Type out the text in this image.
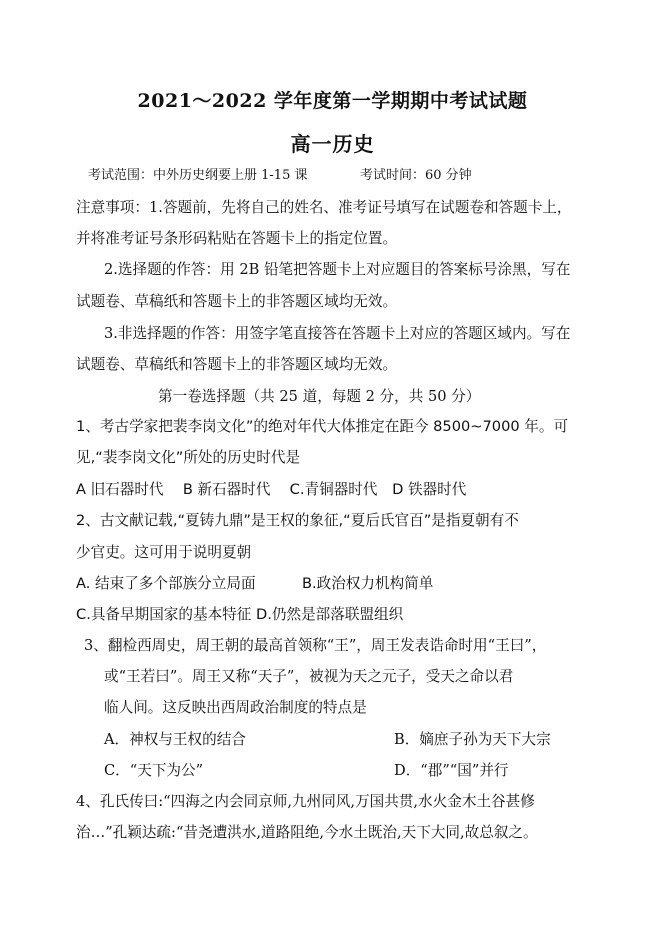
2021～2022 学年度第一学期期中考试试题
高一历史
考试范围：中外历史纲要上册 1-15 课	考试时间：60 分钟
注意事项：1.答题前，先将自己的姓名、准考证号填写在试题卷和答题卡上，
并将准考证号条形码粘贴在答题卡上的指定位置。
2.选择题的作答：用 2B 铅笔把答题卡上对应题目的答案标号涂黑，写在
试题卷、草稿纸和答题卡上的非答题区域均无效。
3.非选择题的作答：用签字笔直接答在答题卡上对应的答题区域内。写在
试题卷、草稿纸和答题卡上的非答题区域均无效。
第一卷选择题（共 25 道，每题 2 分，共 50 分）
1、考古学家把裴李岗文化”的绝对年代大体推定在距今 8500~7000 年。可
见,“裴李岗文化”所处的历史时代是
A 旧石器时代　 B 新石器时代　 C.青铜器时代　D 铁器时代
2、古文献记载,“夏铸九鼎”是王权的象征,“夏后氏官百”是指夏朝有不
少官吏。这可用于说明夏朝
A. 结束了多个部族分立局面	B.政治权力机构简单
C.具备早期国家的基本特征 D.仍然是部落联盟组织
3、翻检西周史，周王朝的最高首领称“王”，周王发表诰命时用“王曰”，
或“王若曰”。周王又称“天子”，被视为天之元子，受天之命以君
临人间。这反映出西周政治制度的特点是
A．神权与王权的结合	B．嫡庶子孙为天下大宗
C．“天下为公”	D．“郡”“国”并行
4、孔氏传曰:“四海之内会同京师,九州同风,万国共贯,水火金木土谷甚修
治…”孔颖达疏:“昔尧遭洪水,道路阻绝,今水土既治,天下大同,故总叙之。
